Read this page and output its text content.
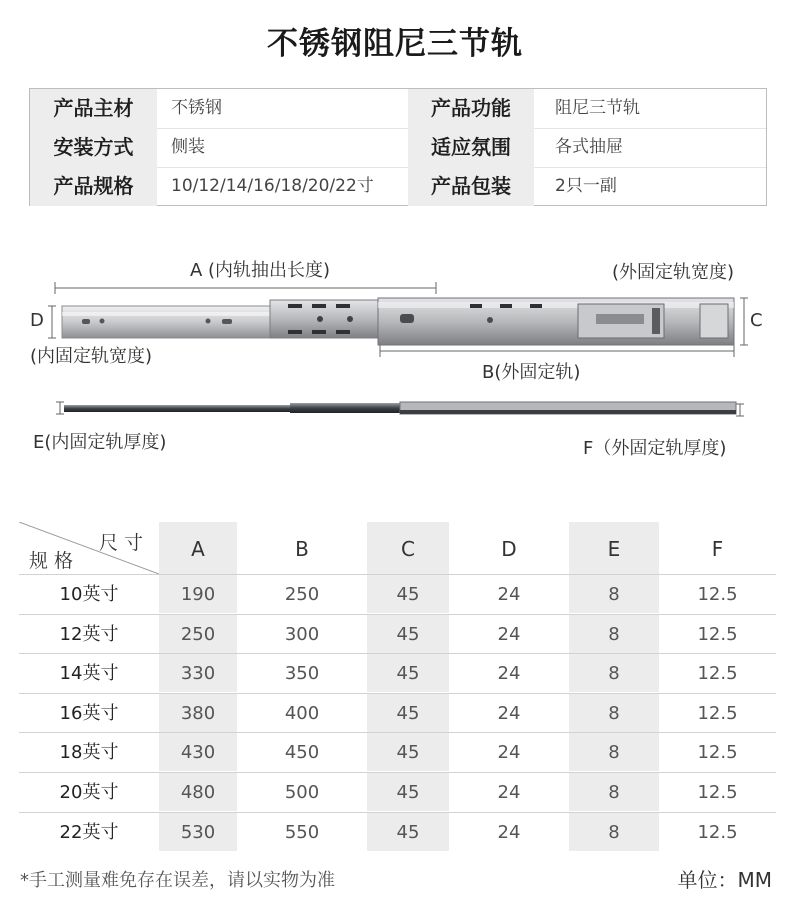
不锈钢阻尼三节轨
产品主材	不锈钢	产品功能	阻尼三节轨
安装方式	侧装	适应氛围	各式抽屉
产品规格	10/12/14/16/18/20/22寸	产品包装	2只一副
A (内轨抽出长度)	(外固定轨宽度)
D	C
(内固定轨宽度)
B(外固定轨)
E(内固定轨厚度)	F（外固定轨厚度)
尺 寸
规 格	A	B	C	D	E	F
10英寸	190	250	45	24	8	12.5
12英寸	250	300	45	24	8	12.5
14英寸	330	350	45	24	8	12.5
16英寸	380	400	45	24	8	12.5
18英寸	430	450	45	24	8	12.5
20英寸	480	500	45	24	8	12.5
22英寸	530	550	45	24	8	12.5
*手工测量难免存在误差，请以实物为准	单位：MM
